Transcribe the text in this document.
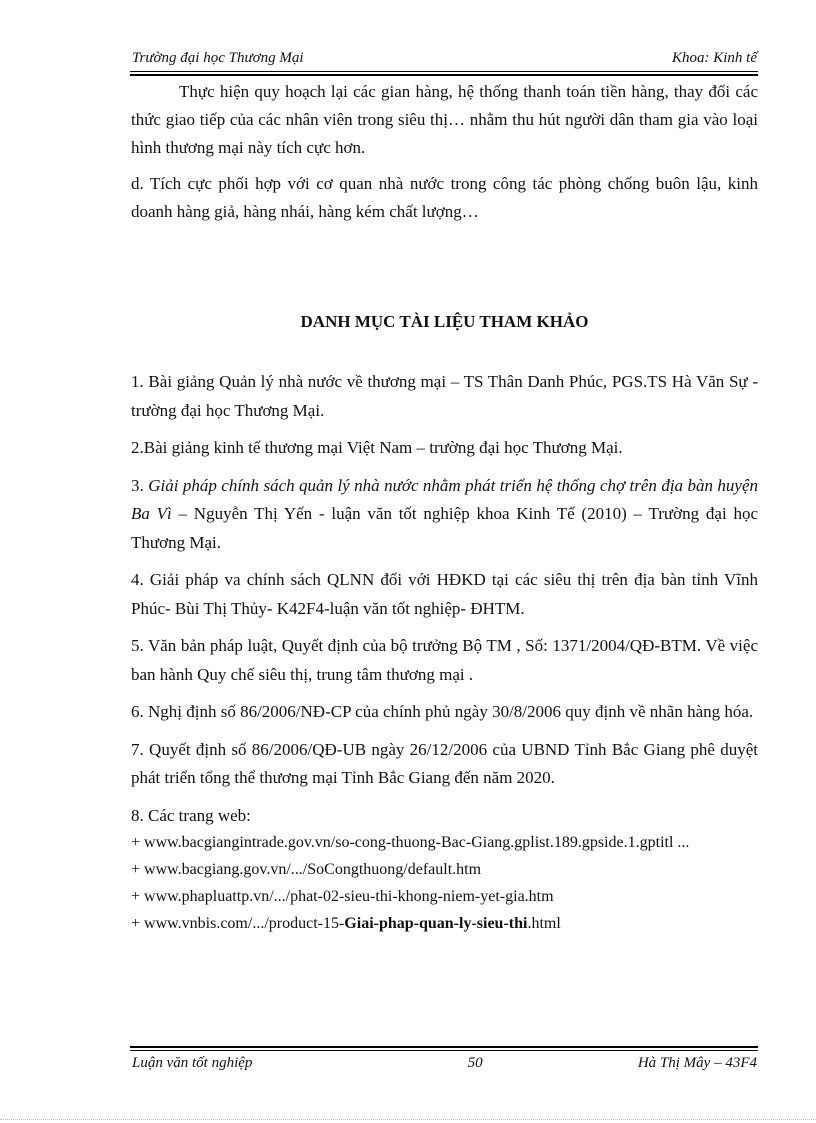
Trường đại học Thương Mại	Khoa: Kinh tế

Thực hiện quy hoạch lại các gian hàng, hệ thống thanh toán tiền hàng, thay đổi các thức giao tiếp của các nhân viên trong siêu thị… nhằm thu hút người dân tham gia vào loại hình thương mại này tích cực hơn.

d. Tích cực phối hợp với cơ quan nhà nước trong công tác phòng chống buôn lậu, kinh doanh hàng giả, hàng nhái, hàng kém chất lượng…

DANH MỤC TÀI LIỆU THAM KHẢO

1. Bài giảng Quản lý nhà nước về thương mại – TS Thân Danh Phúc, PGS.TS Hà Văn Sự - trường đại học Thương Mại.

2.Bài giảng kinh tế thương mại Việt Nam – trường đại học Thương Mại.

3. Giải pháp chính sách quản lý nhà nước nhằm phát triển hệ thống chợ trên địa bàn huyện Ba Vì – Nguyễn Thị Yến - luận văn tốt nghiệp khoa Kinh Tế (2010) – Trường đại học Thương Mại.

4. Giải pháp va chính sách QLNN đối với HĐKD tại các siêu thị trên địa bàn tỉnh Vĩnh Phúc- Bùi Thị Thủy- K42F4-luận văn tốt nghiệp- ĐHTM.

5. Văn bản pháp luật, Quyết định của bộ trưởng Bộ TM , Số: 1371/2004/QĐ-BTM. Về việc ban hành Quy chế siêu thị, trung tâm thương mại .

6. Nghị định số 86/2006/NĐ-CP của chính phủ ngày 30/8/2006 quy định về nhãn hàng hóa.

7. Quyết định số 86/2006/QĐ-UB ngày 26/12/2006 của UBND Tỉnh Bắc Giang phê duyệt phát triển tổng thể thương mại Tỉnh Bắc Giang đến năm 2020.

8. Các trang web:

+ www.bacgiangintrade.gov.vn/so-cong-thuong-Bac-Giang.gplist.189.gpside.1.gptitl ...

+ www.bacgiang.gov.vn/.../SoCongthuong/default.htm

+ www.phapluattp.vn/.../phat-02-sieu-thi-khong-niem-yet-gia.htm

+ www.vnbis.com/.../product-15-Giai-phap-quan-ly-sieu-thi.html

Luận văn tốt nghiệp	50	Hà Thị Mây – 43F4
